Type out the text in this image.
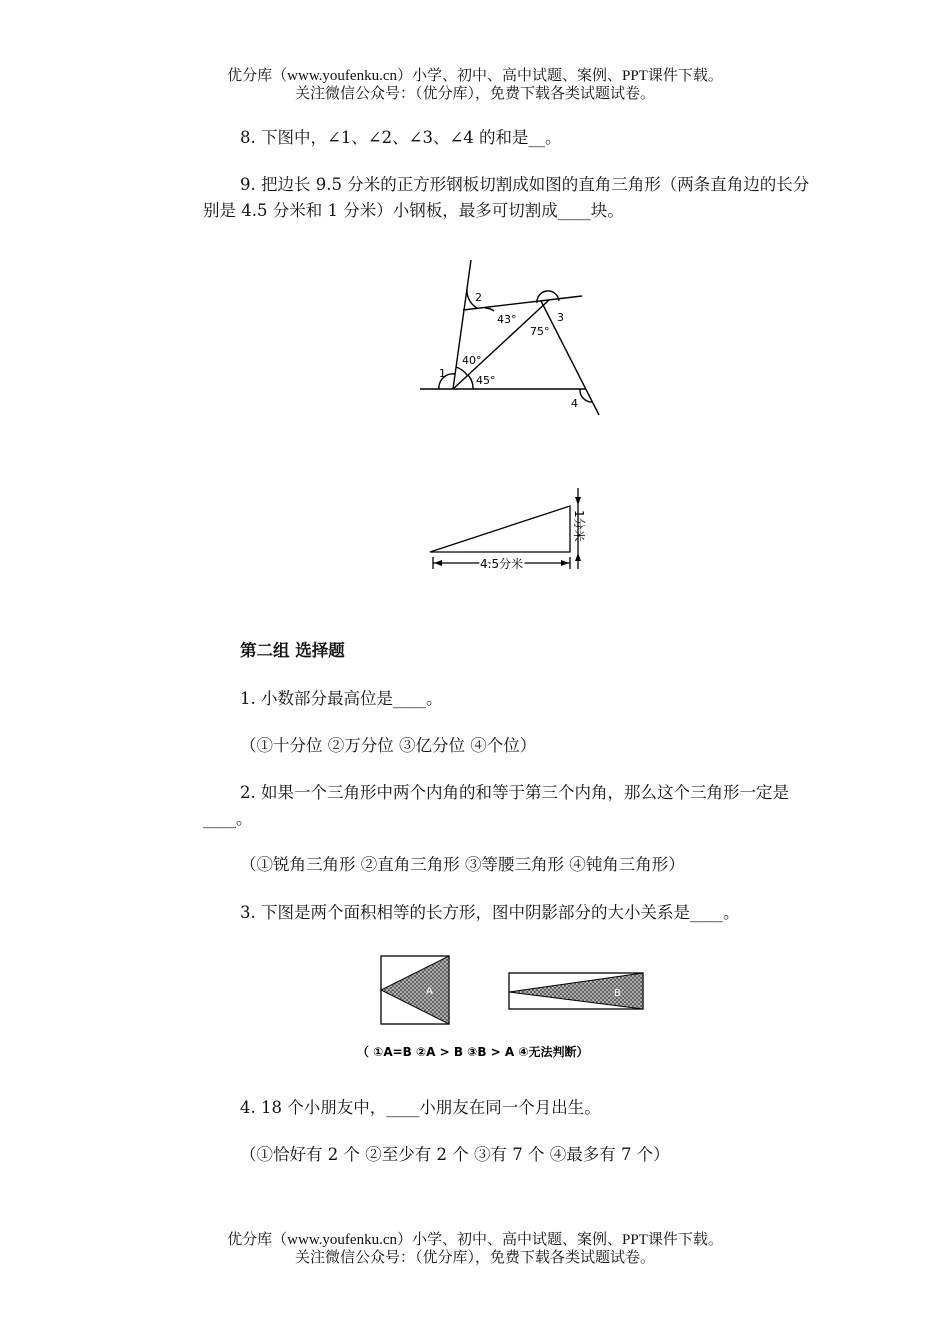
优分库（www.youfenku.cn）小学、初中、高中试题、案例、PPT课件下载。
关注微信公众号：（优分库），免费下载各类试题试卷。
8. 下图中，∠1、∠2、∠3、∠4 的和是__。
9. 把边长 9.5 分米的正方形钢板切割成如图的直角三角形（两条直角边的长分别是 4.5 分米和 1 分米）小钢板，最多可切割成____块。
1
2
3
4
43°
75°
40°
45°
1分米
4.5分米
第二组 选择题
1. 小数部分最高位是____。
（①十分位 ②万分位 ③亿分位 ④个位）
2. 如果一个三角形中两个内角的和等于第三个内角，那么这个三角形一定是____。
（①锐角三角形 ②直角三角形 ③等腰三角形 ④钝角三角形）
3. 下图是两个面积相等的长方形，图中阴影部分的大小关系是____。
A	B
（ ①A=B ②A > B ③B > A ④无法判断）
4. 18 个小朋友中，____小朋友在同一个月出生。
（①恰好有 2 个 ②至少有 2 个 ③有 7 个 ④最多有 7 个）
优分库（www.youfenku.cn）小学、初中、高中试题、案例、PPT课件下载。
关注微信公众号：（优分库），免费下载各类试题试卷。
